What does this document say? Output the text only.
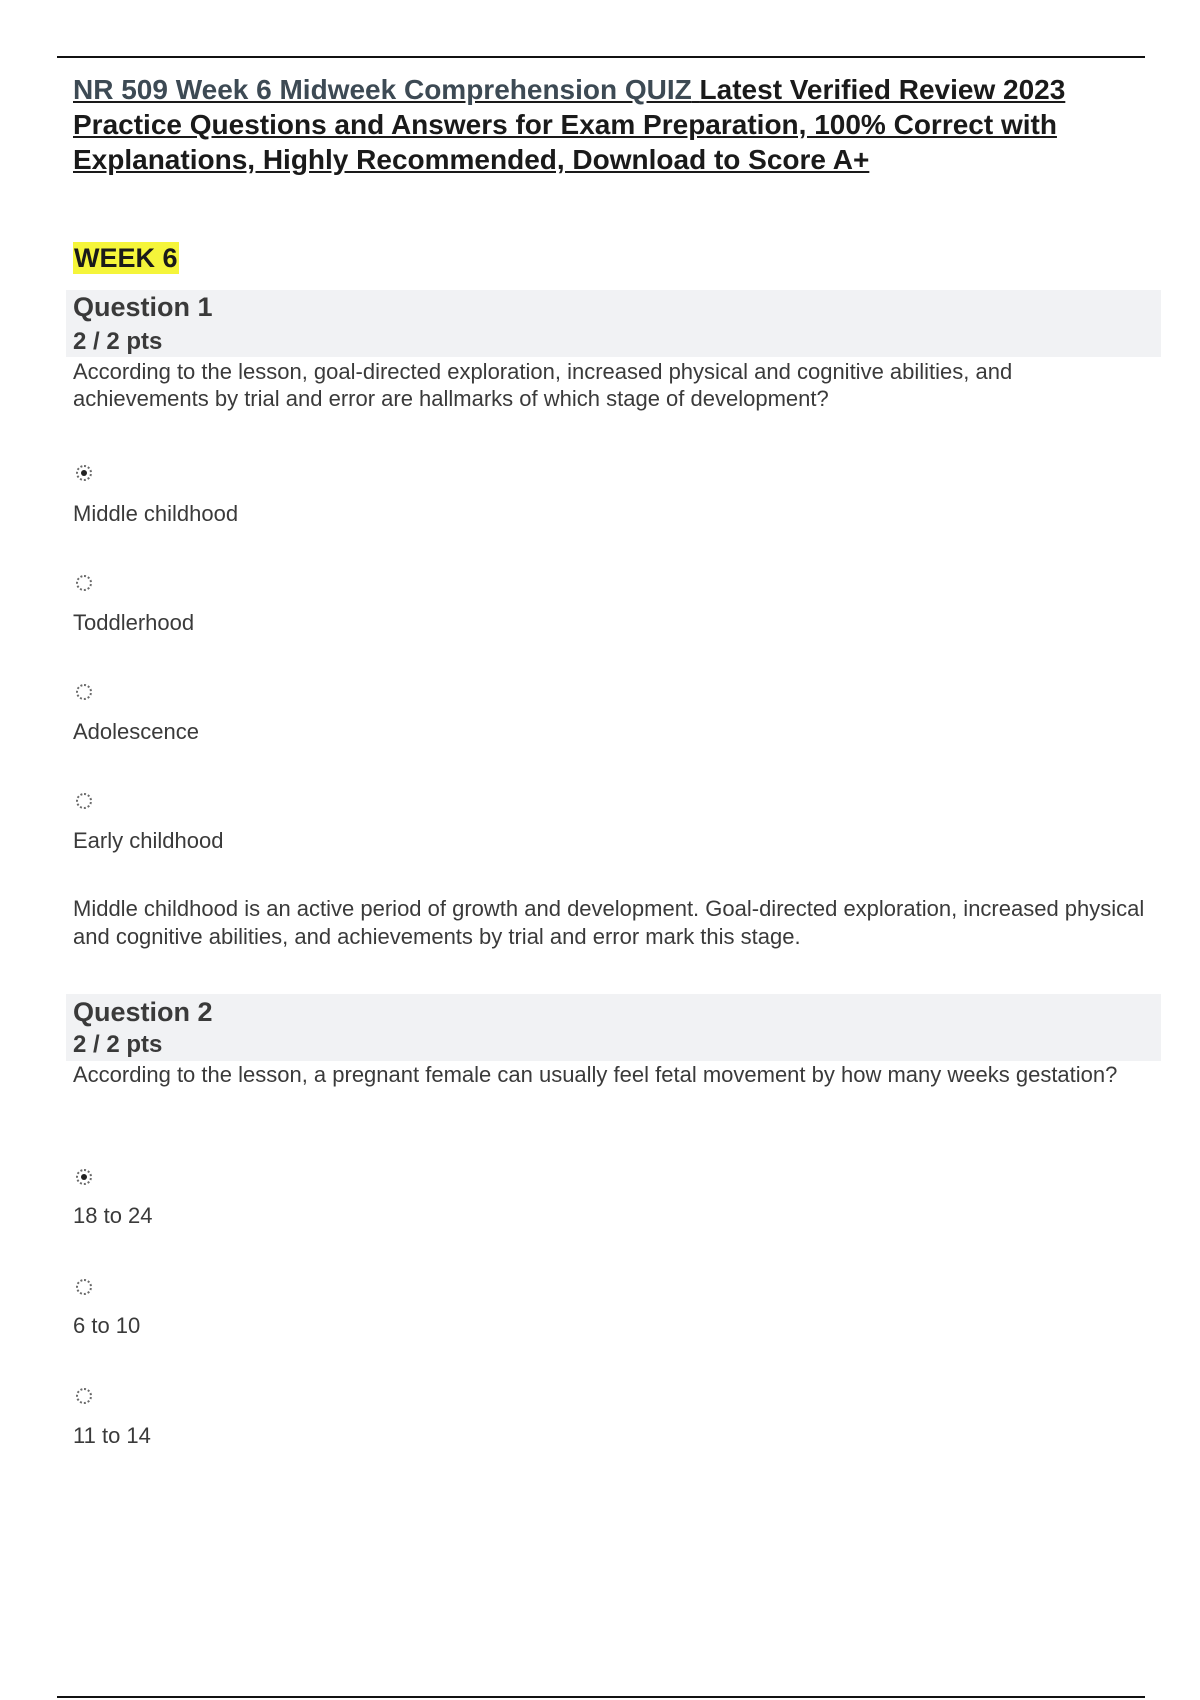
NR 509 Week 6 Midweek Comprehension QUIZ Latest Verified Review 2023 Practice Questions and Answers for Exam Preparation, 100% Correct with Explanations, Highly Recommended, Download to Score A+
WEEK 6
Question 1
2 / 2 pts

According to the lesson, goal-directed exploration, increased physical and cognitive abilities, and achievements by trial and error are hallmarks of which stage of development?

Middle childhood
Toddlerhood
Adolescence
Early childhood

Middle childhood is an active period of growth and development. Goal-directed exploration, increased physical and cognitive abilities, and achievements by trial and error mark this stage.

Question 2
2 / 2 pts

According to the lesson, a pregnant female can usually feel fetal movement by how many weeks gestation?

18 to 24
6 to 10
11 to 14
